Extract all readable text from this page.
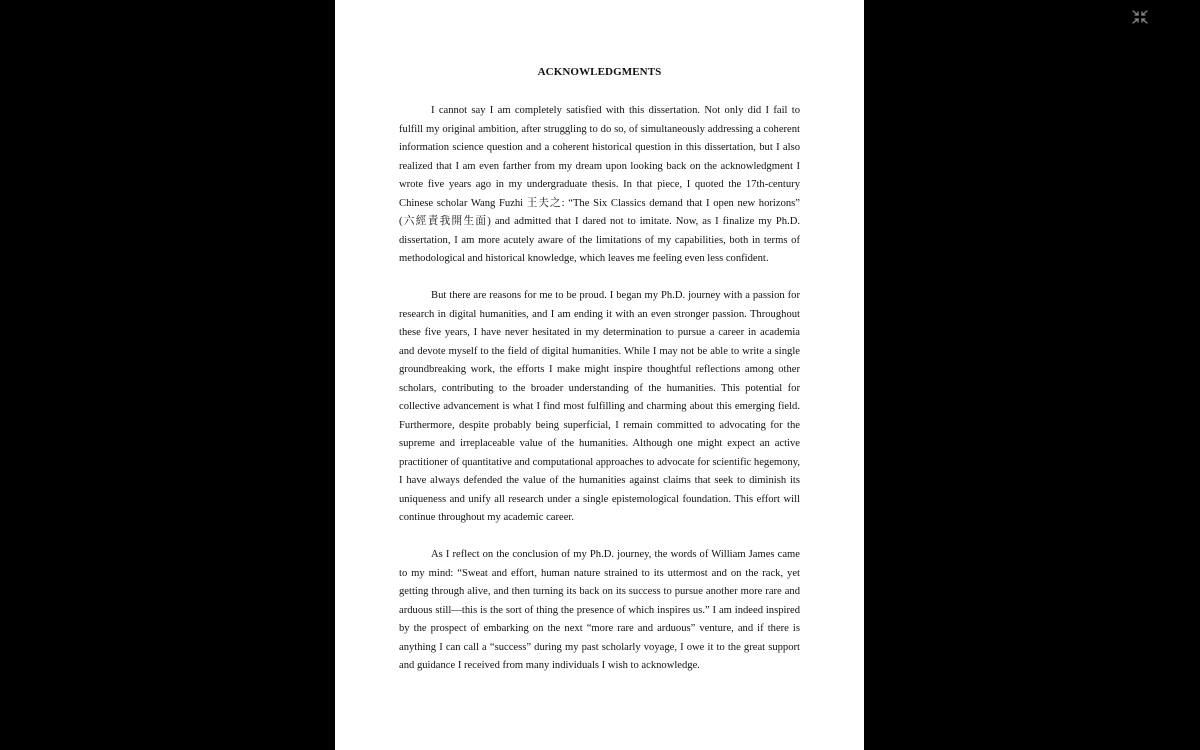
ACKNOWLEDGMENTS

I cannot say I am completely satisfied with this dissertation. Not only did I fail to fulfill my original ambition, after struggling to do so, of simultaneously addressing a coherent information science question and a coherent historical question in this dissertation, but I also realized that I am even farther from my dream upon looking back on the acknowledgment I wrote five years ago in my undergraduate thesis. In that piece, I quoted the 17th-century Chinese scholar Wang Fuzhi 王夫之: “The Six Classics demand that I open new horizons” (六經責我開生面) and admitted that I dared not to imitate. Now, as I finalize my Ph.D. dissertation, I am more acutely aware of the limitations of my capabilities, both in terms of methodological and historical knowledge, which leaves me feeling even less confident.

But there are reasons for me to be proud. I began my Ph.D. journey with a passion for research in digital humanities, and I am ending it with an even stronger passion. Throughout these five years, I have never hesitated in my determination to pursue a career in academia and devote myself to the field of digital humanities. While I may not be able to write a single groundbreaking work, the efforts I make might inspire thoughtful reflections among other scholars, contributing to the broader understanding of the humanities. This potential for collective advancement is what I find most fulfilling and charming about this emerging field. Furthermore, despite probably being superficial, I remain committed to advocating for the supreme and irreplaceable value of the humanities. Although one might expect an active practitioner of quantitative and computational approaches to advocate for scientific hegemony, I have always defended the value of the humanities against claims that seek to diminish its uniqueness and unify all research under a single epistemological foundation. This effort will continue throughout my academic career.

As I reflect on the conclusion of my Ph.D. journey, the words of William James came to my mind: “Sweat and effort, human nature strained to its uttermost and on the rack, yet getting through alive, and then turning its back on its success to pursue another more rare and arduous still—this is the sort of thing the presence of which inspires us.” I am indeed inspired by the prospect of embarking on the next “more rare and arduous” venture, and if there is anything I can call a “success” during my past scholarly voyage, I owe it to the great support and guidance I received from many individuals I wish to acknowledge.
